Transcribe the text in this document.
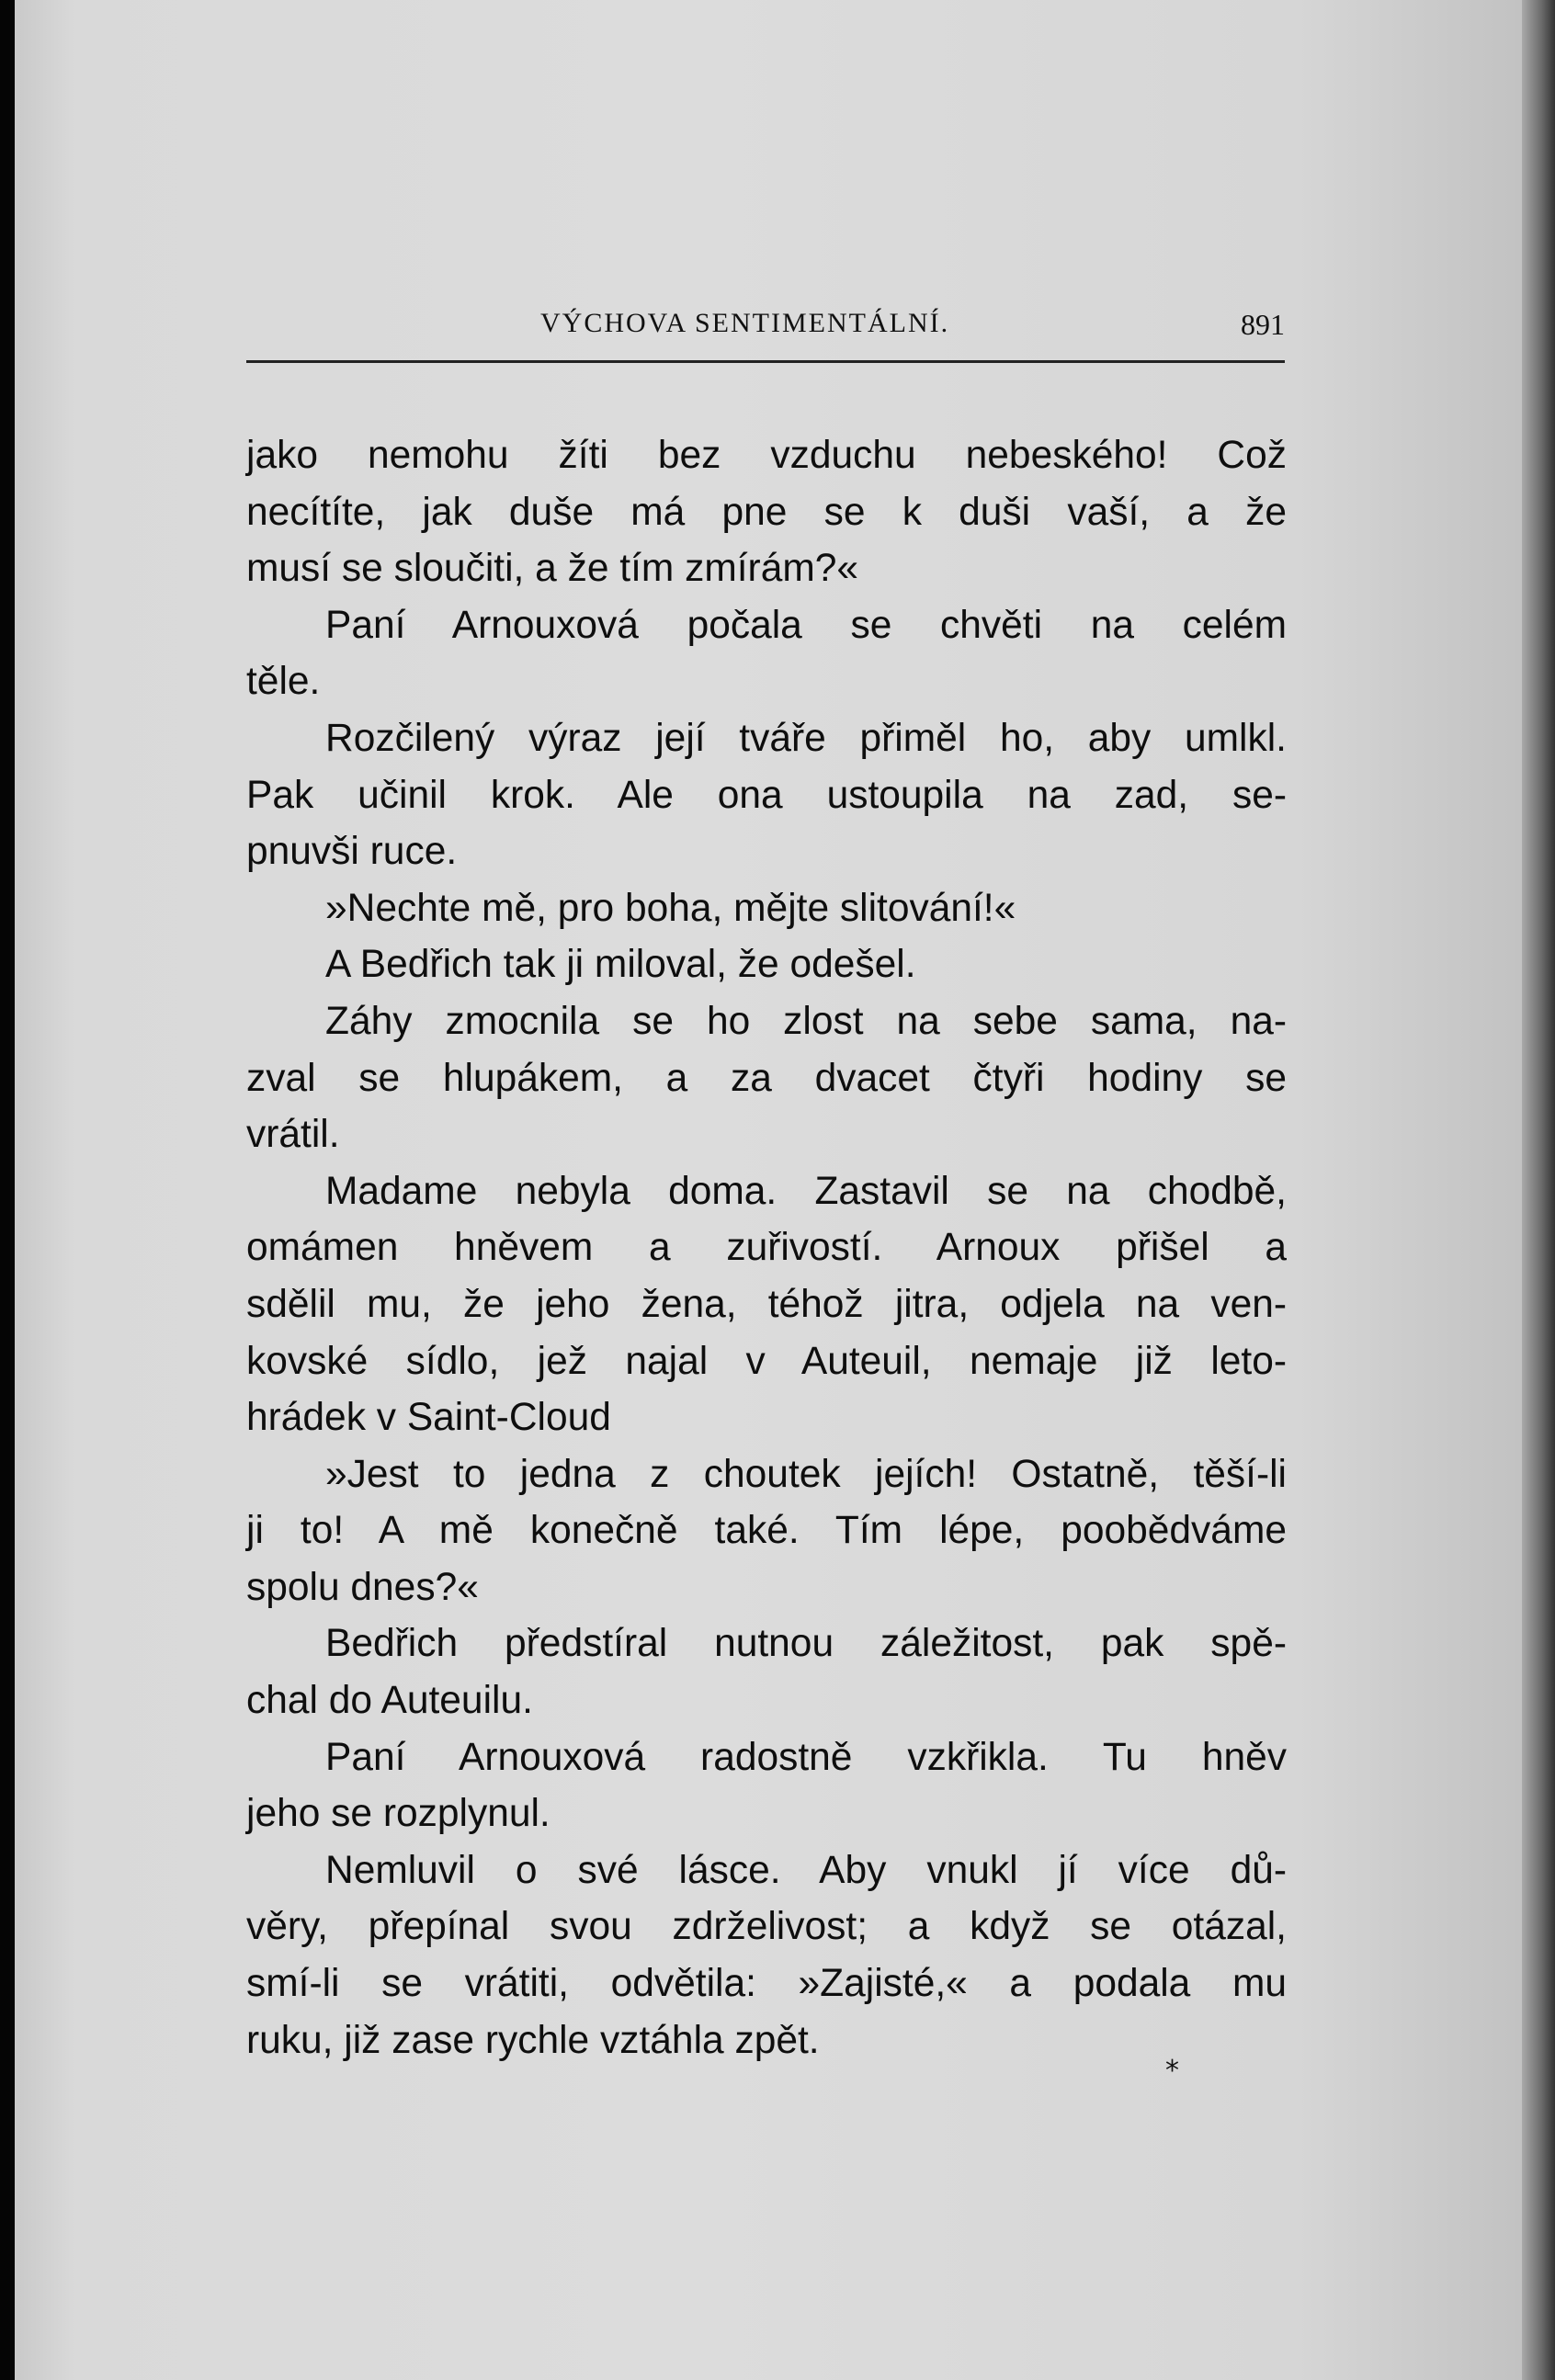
VÝCHOVA SENTIMENTÁLNÍ.	891
jako nemohu žíti bez vzduchu nebeského! Což
necítíte, jak duše má pne se k duši vaší, a že
musí se sloučiti, a že tím zmírám?«
Paní Arnouxová počala se chvěti na celém
těle.
Rozčilený výraz její tváře přiměl ho, aby umlkl.
Pak učinil krok. Ale ona ustoupila na zad, se-
pnuvši ruce.
»Nechte mě, pro boha, mějte slitování!«
A Bedřich tak ji miloval, že odešel.
Záhy zmocnila se ho zlost na sebe sama, na-
zval se hlupákem, a za dvacet čtyři hodiny se
vrátil.
Madame nebyla doma. Zastavil se na chodbě,
omámen hněvem a zuřivostí. Arnoux přišel a
sdělil mu, že jeho žena, téhož jitra, odjela na ven-
kovské sídlo, jež najal v Auteuil, nemaje již leto-
hrádek v Saint-Cloud
»Jest to jedna z choutek jejích! Ostatně, těší-li
ji to! A mě konečně také. Tím lépe, poobědváme
spolu dnes?«
Bedřich předstíral nutnou záležitost, pak spě-
chal do Auteuilu.
Paní Arnouxová radostně vzkřikla. Tu hněv
jeho se rozplynul.
Nemluvil o své lásce. Aby vnukl jí více dů-
věry, přepínal svou zdrželivost; a když se otázal,
smí-li se vrátiti, odvětila: »Zajisté,« a podala mu
ruku, již zase rychle vztáhla zpět.
*
